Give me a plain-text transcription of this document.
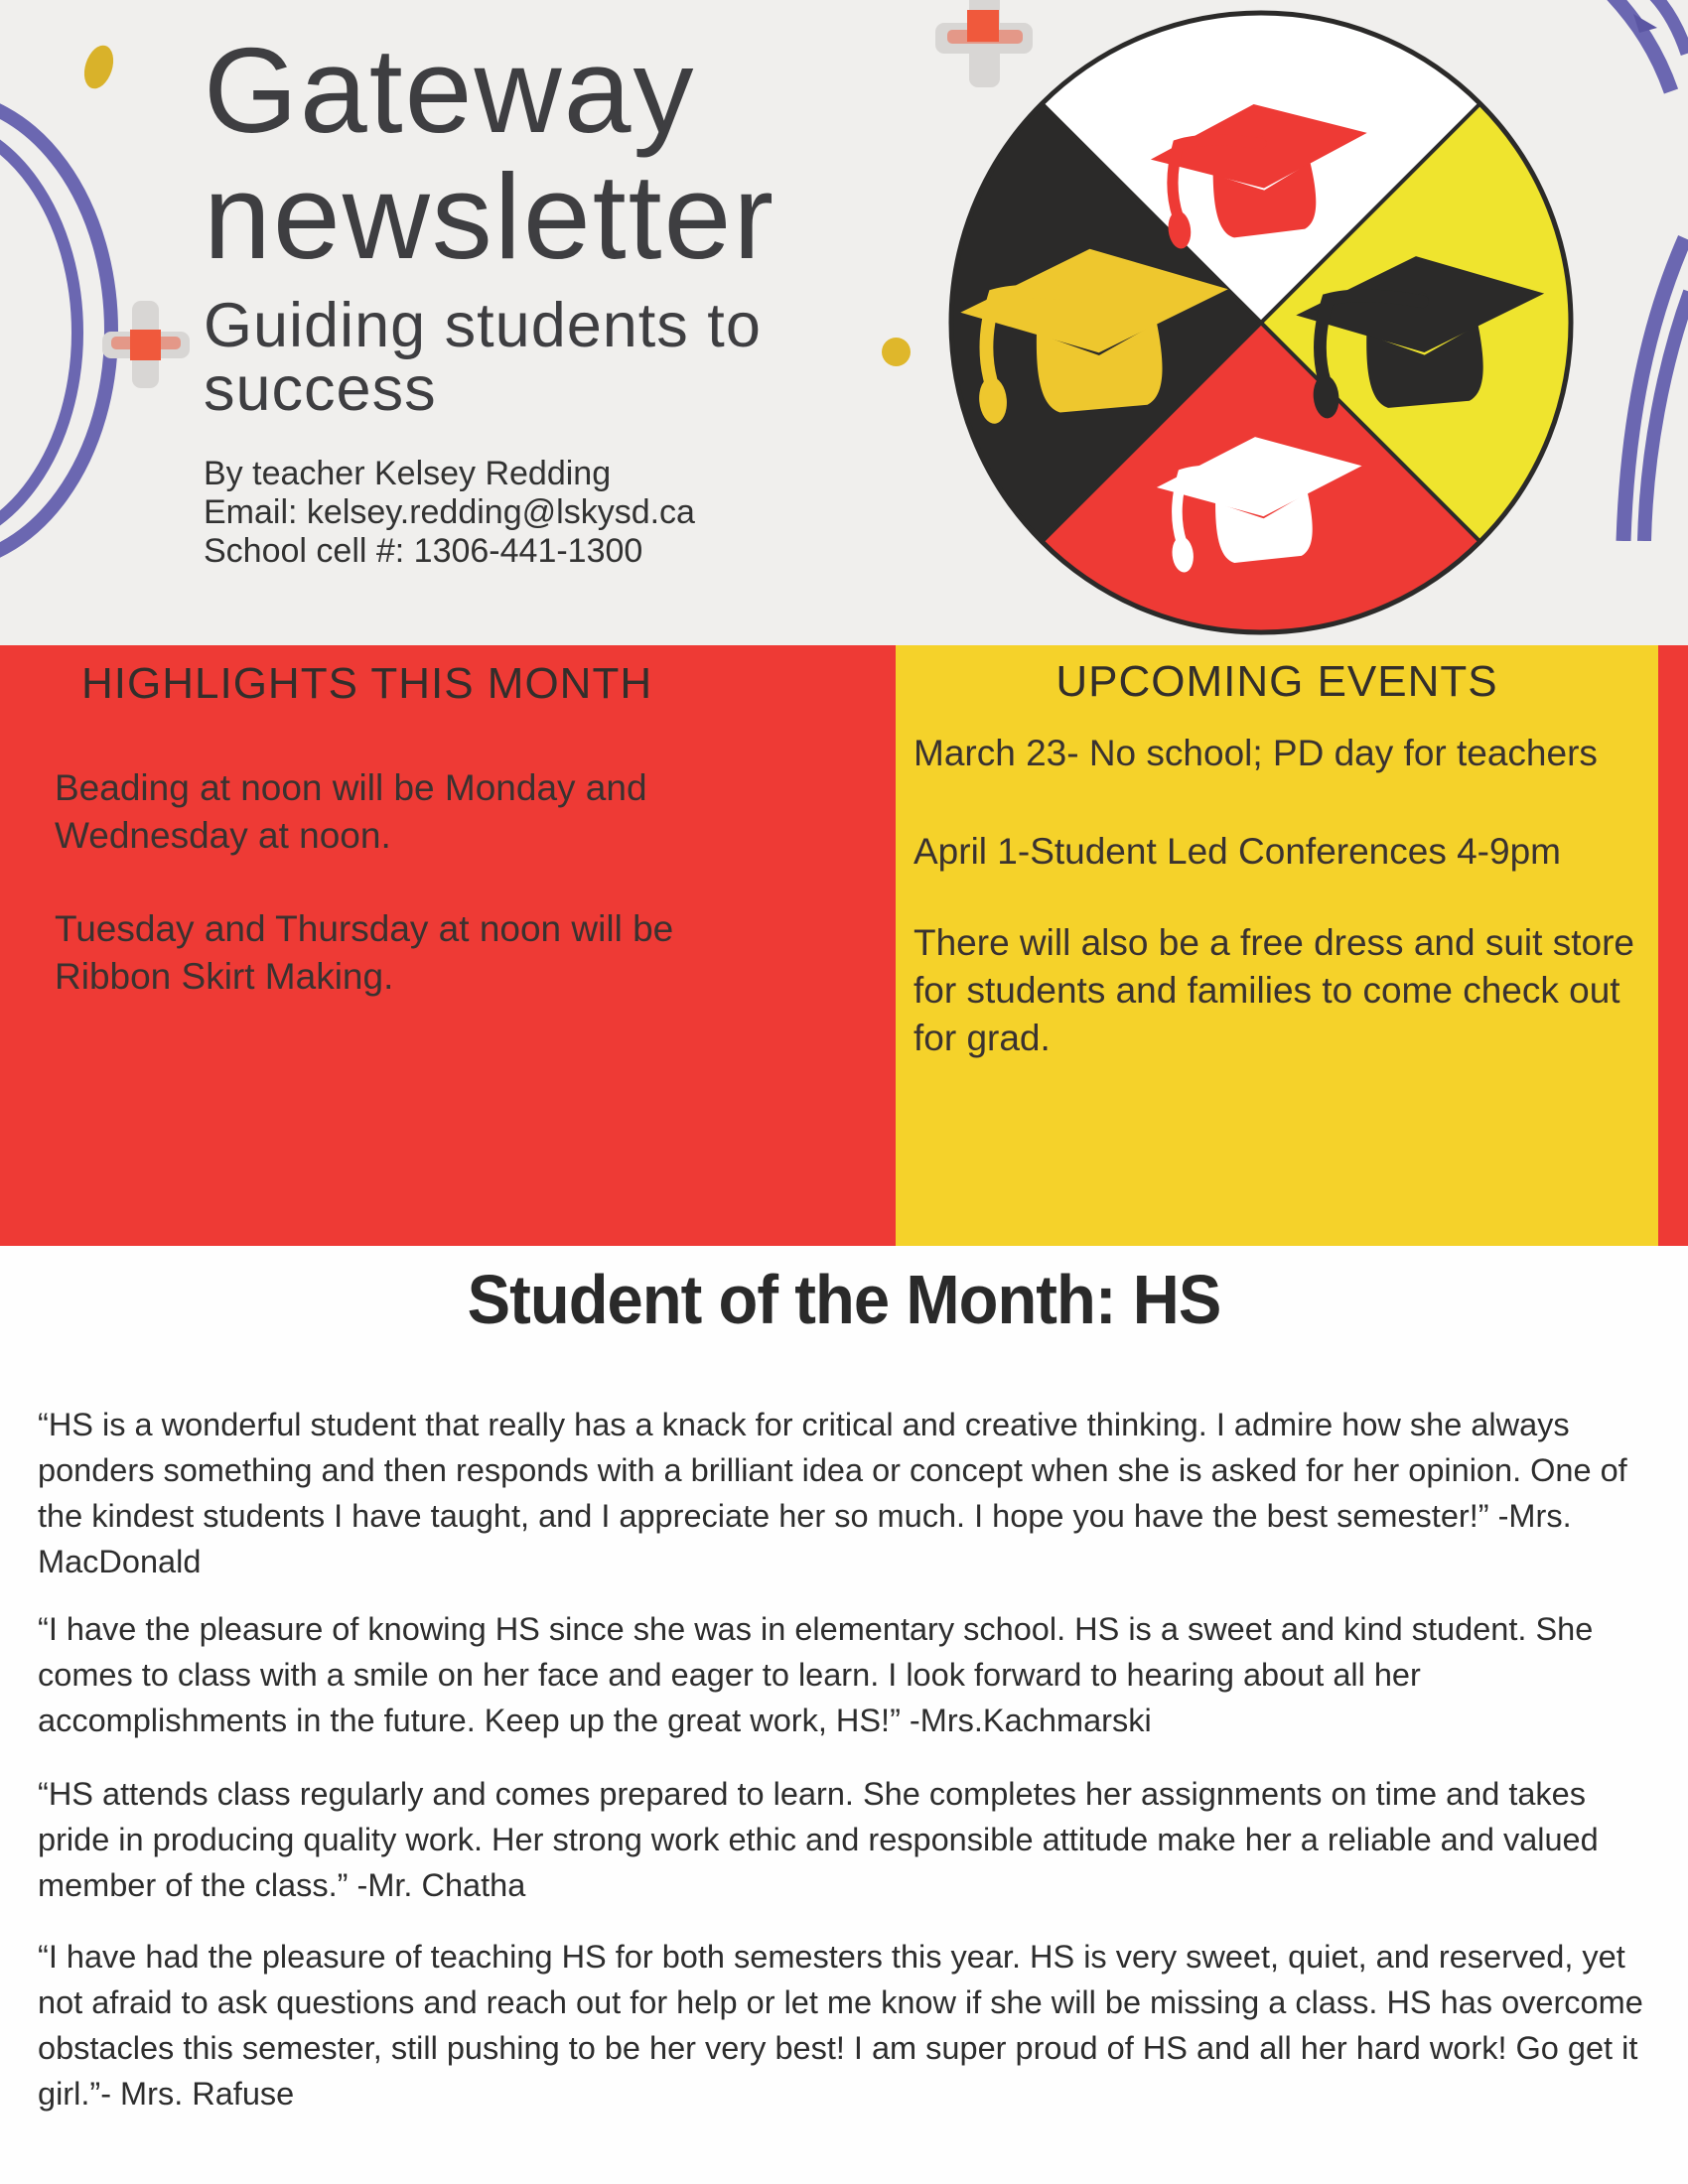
Gateway
newsletter
Guiding students to
success
By teacher Kelsey Redding
Email: kelsey.redding@lskysd.ca
School cell #: 1306-441-1300
HIGHLIGHTS THIS MONTH
Beading at noon will be Monday and Wednesday at noon.
Tuesday and Thursday at noon will be Ribbon Skirt Making.
UPCOMING EVENTS
March 23- No school; PD day for teachers
April 1-Student Led Conferences 4-9pm
There will also be a free dress and suit store for students and families to come check out for grad.
Student of the Month: HS

“HS is a wonderful student that really has a knack for critical and creative thinking. I admire how she always ponders something and then responds with a brilliant idea or concept when she is asked for her opinion. One of the kindest students I have taught, and I appreciate her so much. I hope you have the best semester!” -Mrs. MacDonald

“I have the pleasure of knowing HS since she was in elementary school. HS is a sweet and kind student. She comes to class with a smile on her face and eager to learn. I look forward to hearing about all her accomplishments in the future. Keep up the great work, HS!” -Mrs.Kachmarski

“HS attends class regularly and comes prepared to learn. She completes her assignments on time and takes pride in producing quality work. Her strong work ethic and responsible attitude make her a reliable and valued member of the class.” -Mr. Chatha

“I have had the pleasure of teaching HS for both semesters this year. HS is very sweet, quiet, and reserved, yet not afraid to ask questions and reach out for help or let me know if she will be missing a class. HS has overcome obstacles this semester, still pushing to be her very best! I am super proud of HS and all her hard work! Go get it girl.”- Mrs. Rafuse
